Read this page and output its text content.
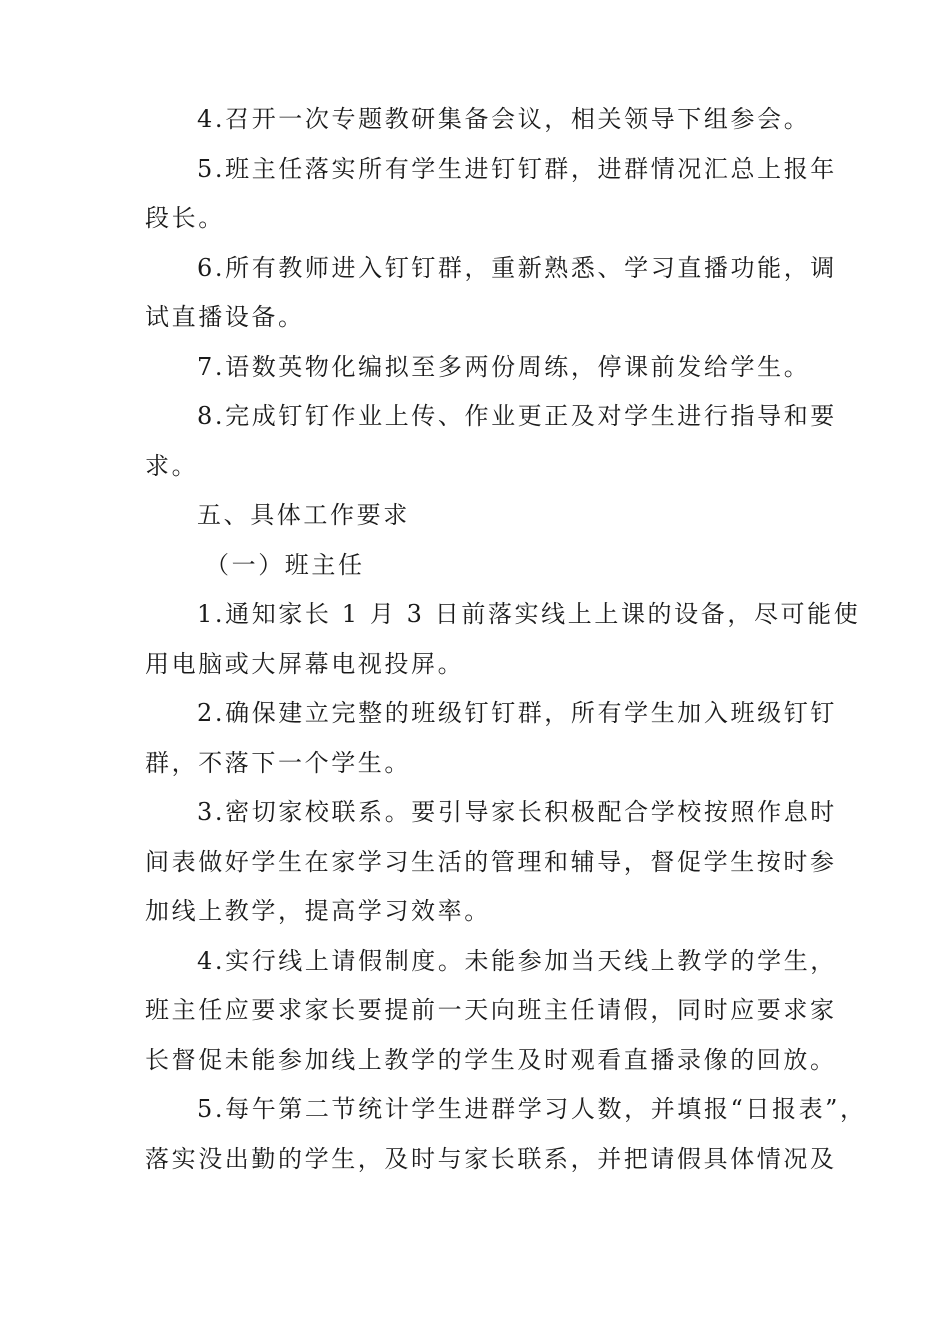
4.召开一次专题教研集备会议，相关领导下组参会。
5.班主任落实所有学生进钉钉群，进群情况汇总上报年
段长。
6.所有教师进入钉钉群，重新熟悉、学习直播功能，调
试直播设备。
7.语数英物化编拟至多两份周练，停课前发给学生。
8.完成钉钉作业上传、作业更正及对学生进行指导和要
求。
五、具体工作要求
（一）班主任
1.通知家长 1 月 3 日前落实线上上课的设备，尽可能使
用电脑或大屏幕电视投屏。
2.确保建立完整的班级钉钉群，所有学生加入班级钉钉
群，不落下一个学生。
3.密切家校联系。要引导家长积极配合学校按照作息时
间表做好学生在家学习生活的管理和辅导，督促学生按时参
加线上教学，提高学习效率。
4.实行线上请假制度。未能参加当天线上教学的学生，
班主任应要求家长要提前一天向班主任请假，同时应要求家
长督促未能参加线上教学的学生及时观看直播录像的回放。
5.每午第二节统计学生进群学习人数，并填报“日报表”，
落实没出勤的学生，及时与家长联系，并把请假具体情况及
